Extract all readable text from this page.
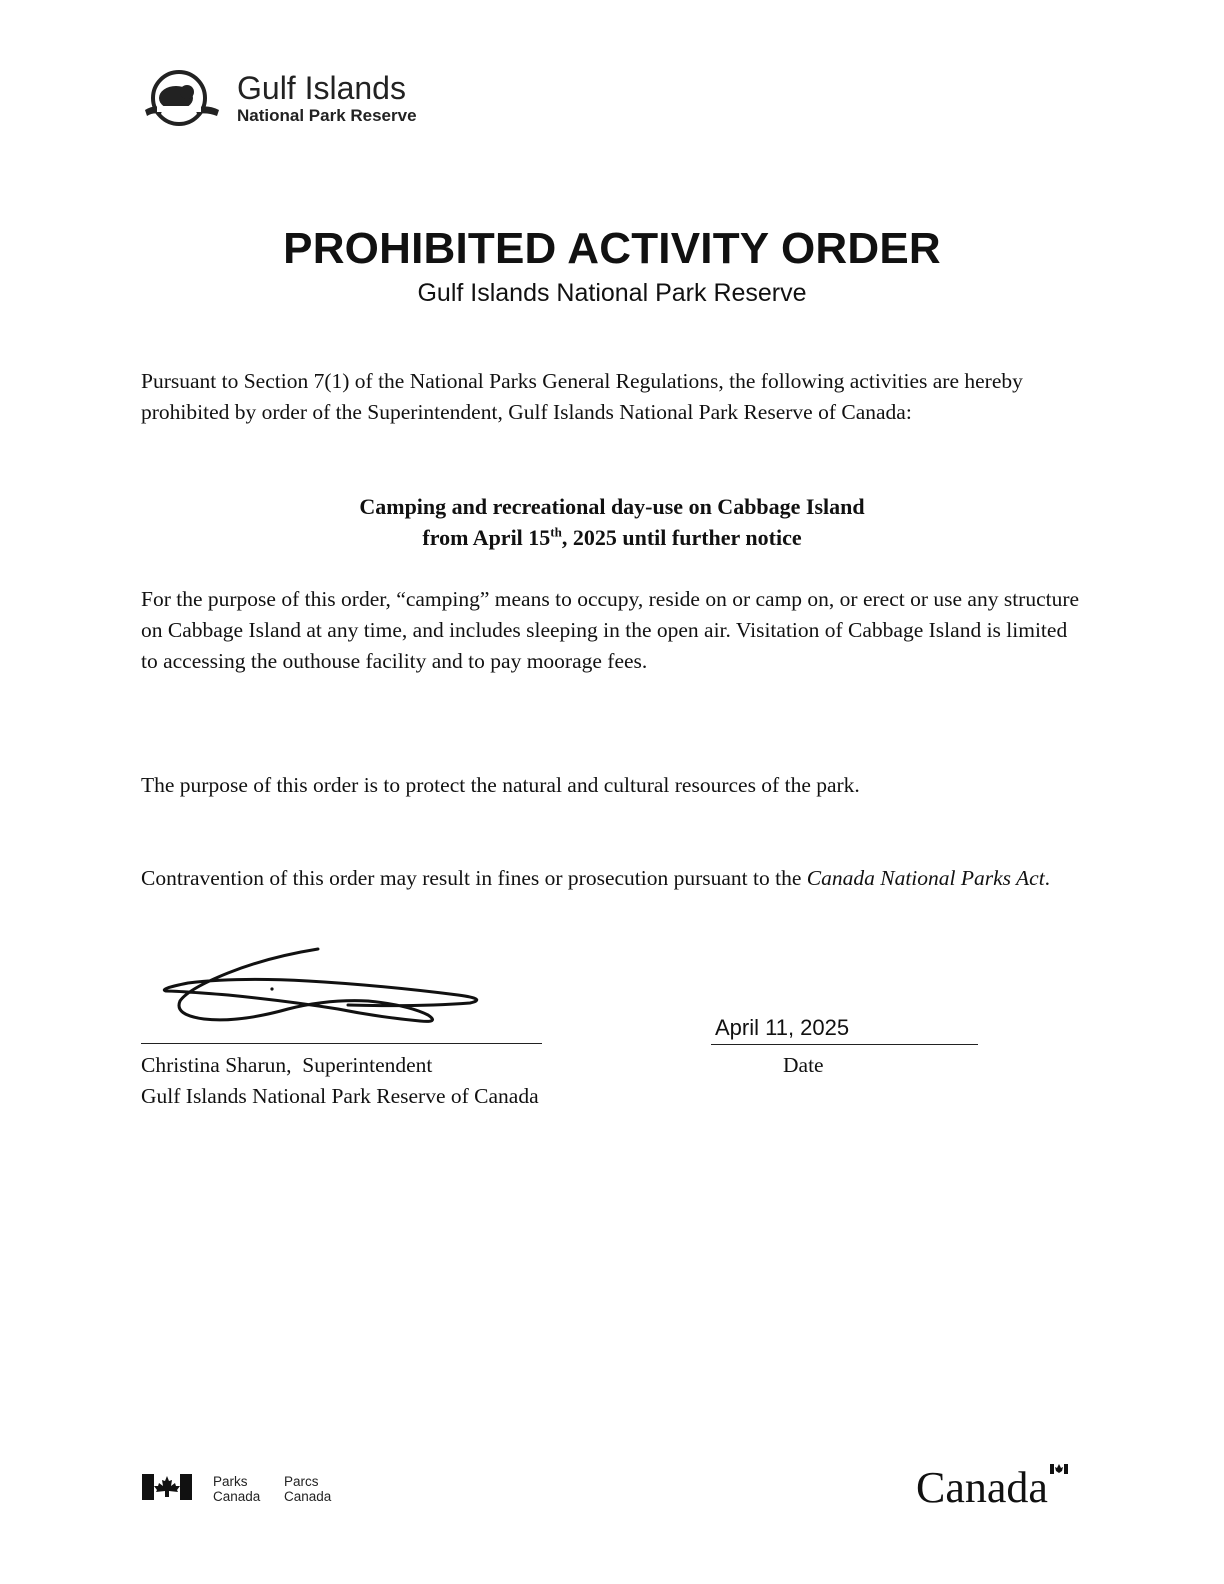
Gulf Islands
National Park Reserve
PROHIBITED ACTIVITY ORDER
Gulf Islands National Park Reserve
Pursuant to Section 7(1) of the National Parks General Regulations, the following activities are hereby prohibited by order of the Superintendent, Gulf Islands National Park Reserve of Canada:
Camping and recreational day-use on Cabbage Island
from April 15th, 2025 until further notice
For the purpose of this order, “camping” means to occupy, reside on or camp on, or erect or use any structure on Cabbage Island at any time, and includes sleeping in the open air. Visitation of Cabbage Island is limited to accessing the outhouse facility and to pay moorage fees.
The purpose of this order is to protect the natural and cultural resources of the park.
Contravention of this order may result in fines or prosecution pursuant to the Canada National Parks Act.
April 11, 2025
Date
Christina Sharun,  Superintendent
Gulf Islands National Park Reserve of Canada
Parks
Canada
Parcs
Canada	Canada
